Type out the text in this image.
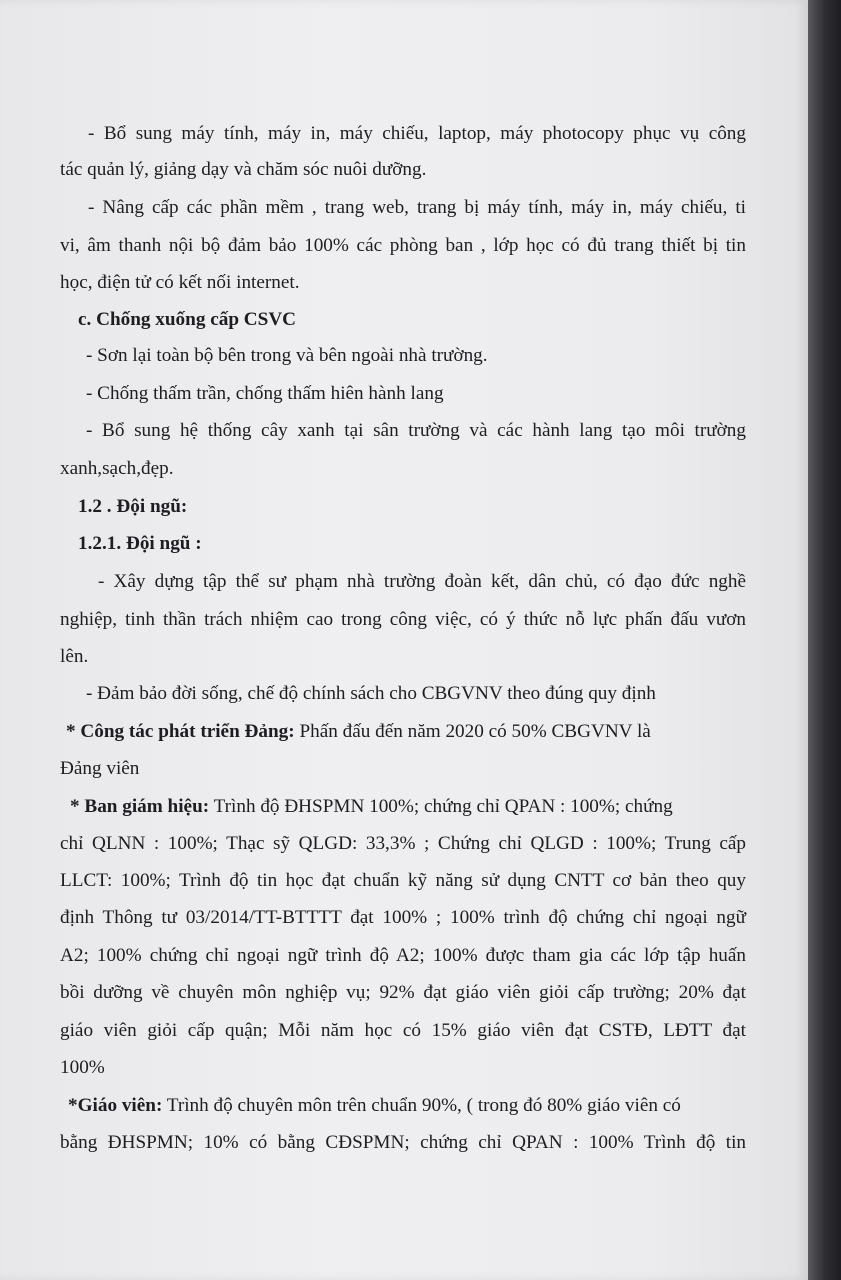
- Bổ sung máy tính, máy in, máy chiếu, laptop, máy photocopy phục vụ công
tác quản lý, giảng dạy và chăm sóc nuôi dưỡng.
- Nâng cấp các phần mềm , trang web, trang bị máy tính, máy in, máy chiếu, ti
vi, âm thanh nội bộ đảm bảo 100% các phòng ban , lớp học có đủ trang thiết bị tin
học, điện tử có kết nối internet.
c. Chống xuống cấp CSVC
- Sơn lại toàn bộ bên trong và bên ngoài nhà trường.
- Chống thấm trần, chống thấm hiên hành lang
- Bổ sung hệ thống cây xanh tại sân trường và các hành lang tạo môi trường
xanh,sạch,đẹp.
1.2 . Đội ngũ:
1.2.1. Đội ngũ :
- Xây dựng tập thể sư phạm nhà trường đoàn kết, dân chủ, có đạo đức nghề
nghiệp, tinh thần trách nhiệm cao trong công việc, có ý thức nỗ lực phấn đấu vươn
lên.
- Đảm bảo đời sống, chế độ chính sách cho CBGVNV theo đúng quy định
* Công tác phát triển Đảng: Phấn đấu đến năm 2020 có 50% CBGVNV là
Đảng viên
* Ban giám hiệu: Trình độ ĐHSPMN 100%; chứng chỉ QPAN : 100%; chứng
chỉ QLNN : 100%; Thạc sỹ QLGD: 33,3% ; Chứng chỉ QLGD : 100%; Trung cấp
LLCT: 100%; Trình độ tin học đạt chuẩn kỹ năng sử dụng CNTT cơ bản theo quy
định Thông tư 03/2014/TT-BTTTT đạt 100% ; 100% trình độ chứng chỉ ngoại ngữ
A2; 100% chứng chỉ ngoại ngữ trình độ A2; 100% được tham gia các lớp tập huấn
bồi dưỡng về chuyên môn nghiệp vụ; 92% đạt giáo viên giỏi cấp trường; 20% đạt
giáo viên giỏi cấp quận; Mỗi năm học có 15% giáo viên đạt CSTĐ, LĐTT đạt
100%
*Giáo viên: Trình độ chuyên môn trên chuẩn 90%, ( trong đó 80% giáo viên có
bằng ĐHSPMN; 10% có bằng CĐSPMN; chứng chỉ QPAN : 100% Trình độ tin
